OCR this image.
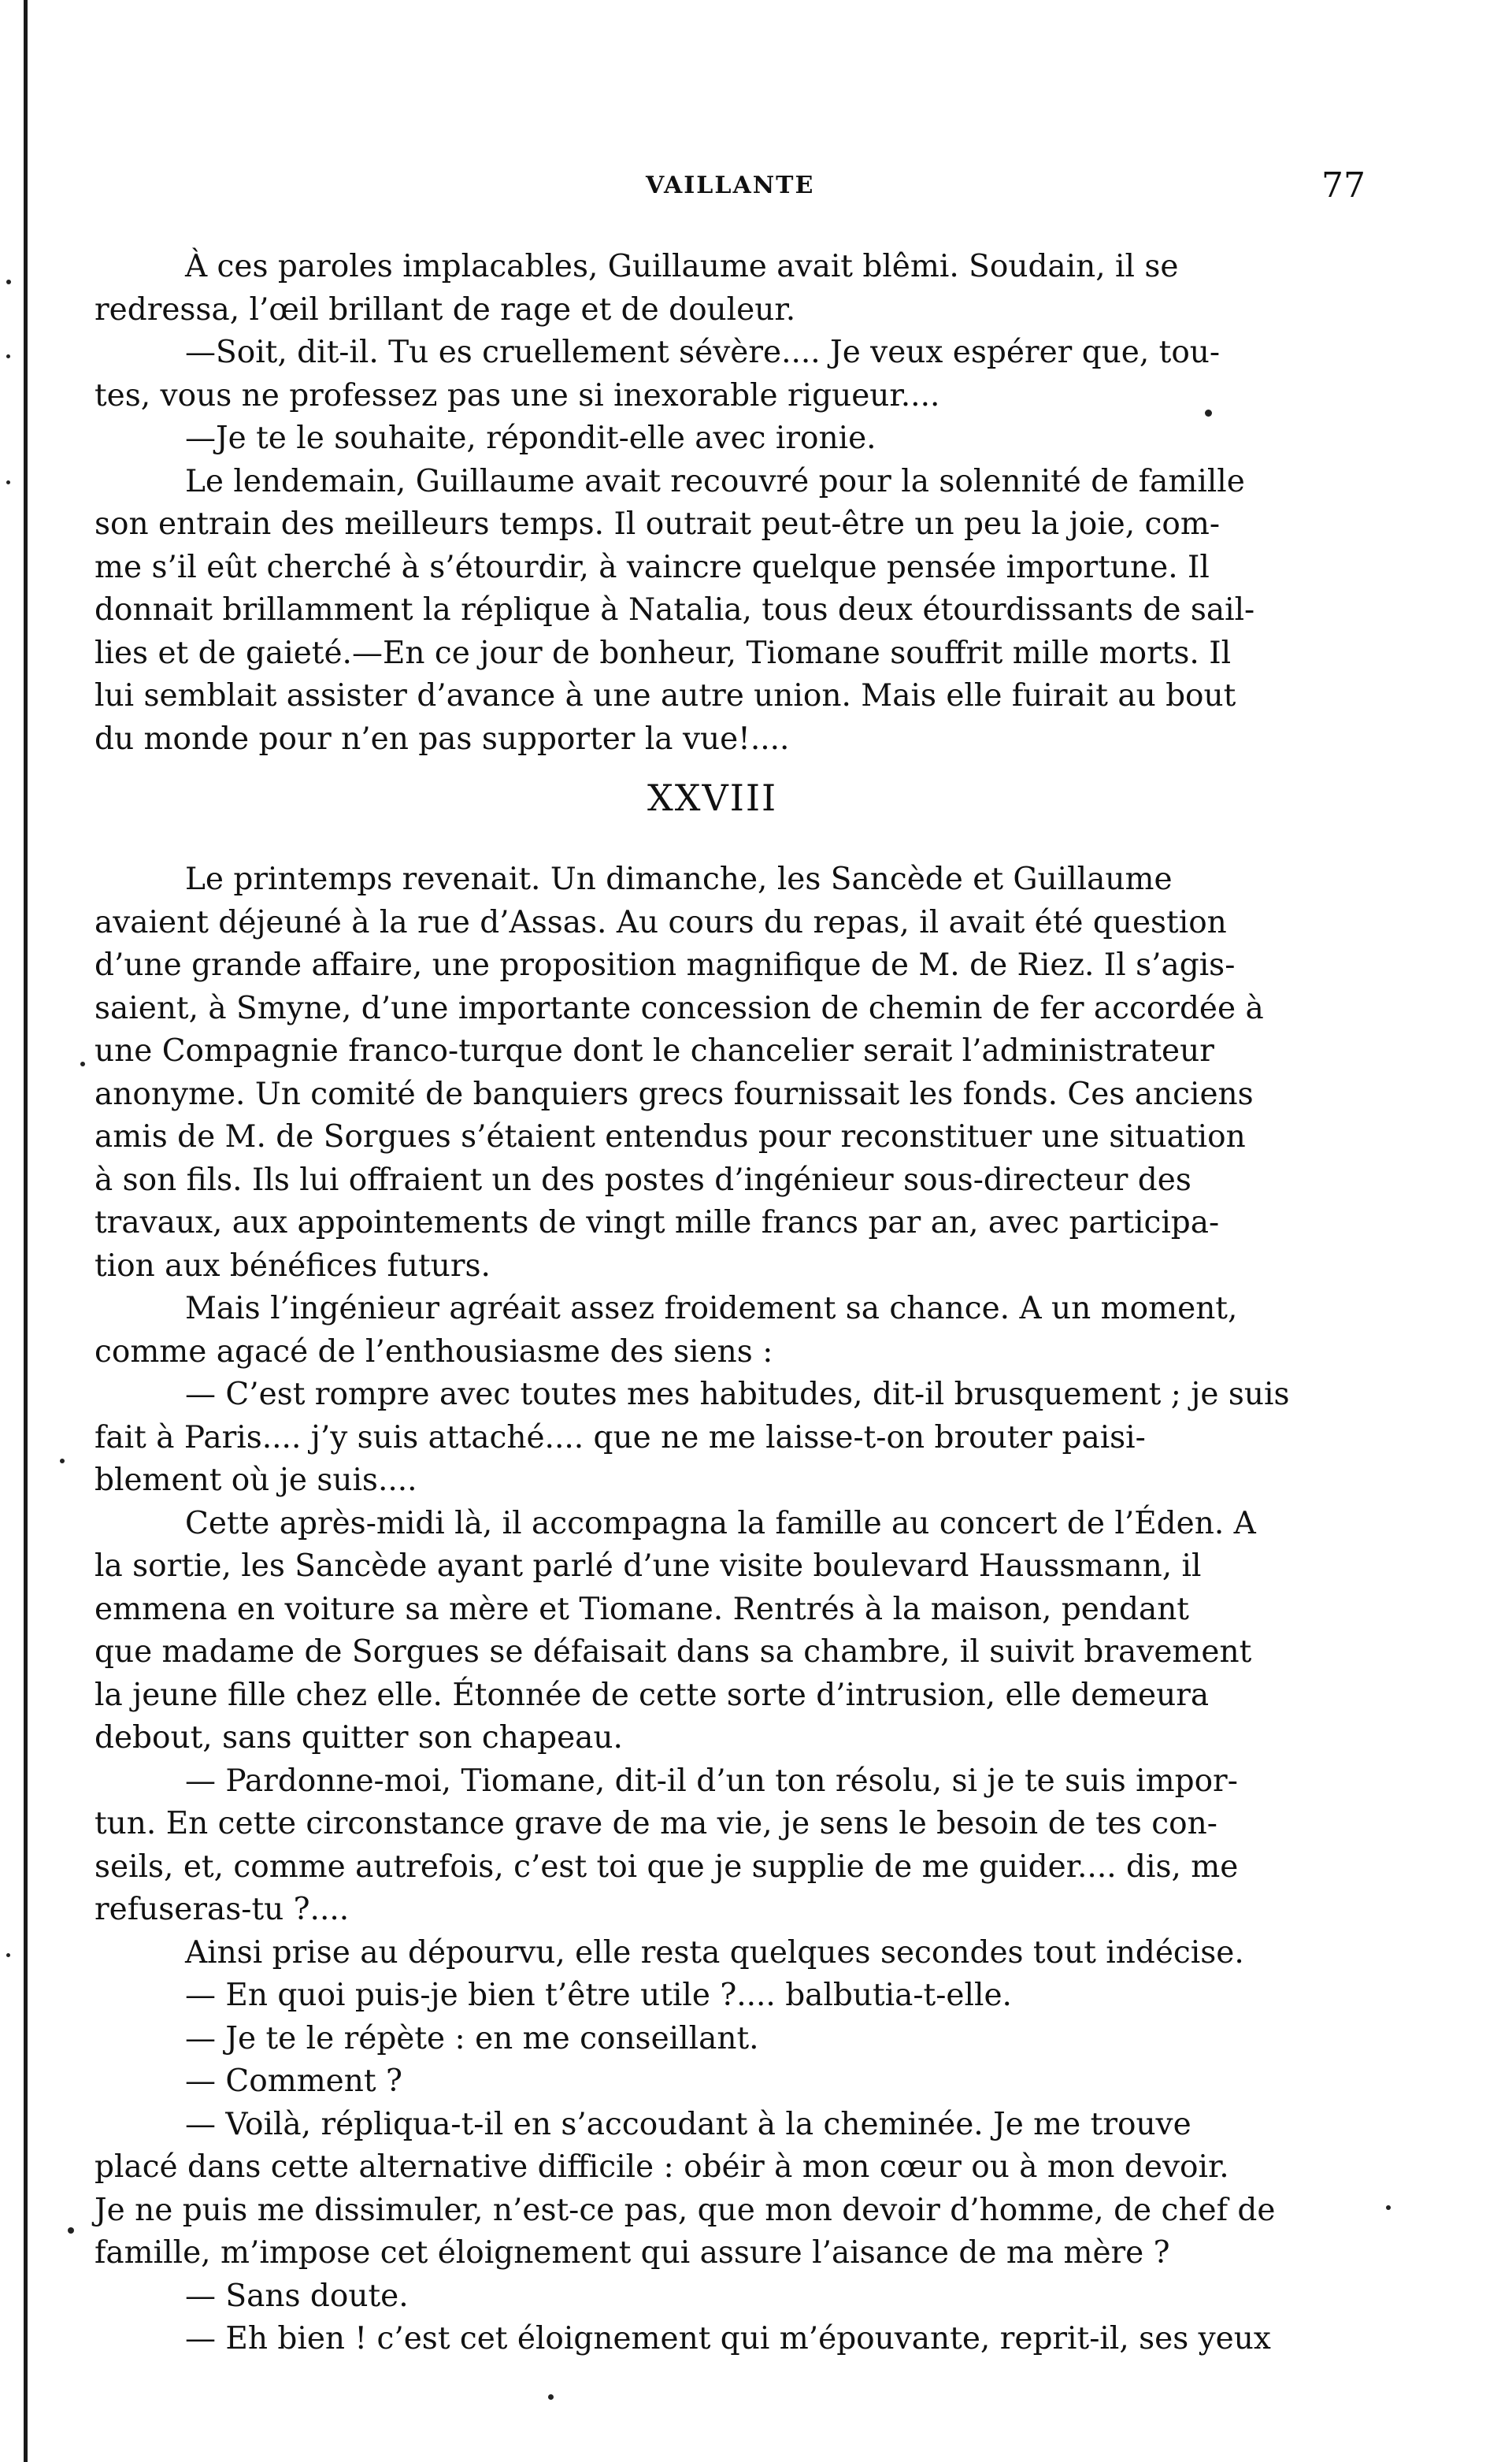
VAILLANTE	77
À ces paroles implacables, Guillaume avait blêmi. Soudain, il se
redressa, l’œil brillant de rage et de douleur.
—Soit, dit-il. Tu es cruellement sévère.... Je veux espérer que, tou-
tes, vous ne professez pas une si inexorable rigueur....
—Je te le souhaite, répondit-elle avec ironie.
Le lendemain, Guillaume avait recouvré pour la solennité de famille
son entrain des meilleurs temps. Il outrait peut-être un peu la joie, com-
me s’il eût cherché à s’étourdir, à vaincre quelque pensée importune. Il
donnait brillamment la réplique à Natalia, tous deux étourdissants de sail-
lies et de gaieté.—En ce jour de bonheur, Tiomane souffrit mille morts. Il
lui semblait assister d’avance à une autre union. Mais elle fuirait au bout
du monde pour n’en pas supporter la vue!....
XXVIII
Le printemps revenait. Un dimanche, les Sancède et Guillaume
avaient déjeuné à la rue d’Assas. Au cours du repas, il avait été question
d’une grande affaire, une proposition magnifique de M. de Riez. Il s’agis-
saient, à Smyne, d’une importante concession de chemin de fer accordée à
une Compagnie franco-turque dont le chancelier serait l’administrateur
anonyme. Un comité de banquiers grecs fournissait les fonds. Ces anciens
amis de M. de Sorgues s’étaient entendus pour reconstituer une situation
à son fils. Ils lui offraient un des postes d’ingénieur sous-directeur des
travaux, aux appointements de vingt mille francs par an, avec participa-
tion aux bénéfices futurs.
Mais l’ingénieur agréait assez froidement sa chance. A un moment,
comme agacé de l’enthousiasme des siens :
— C’est rompre avec toutes mes habitudes, dit-il brusquement ; je suis
fait à Paris.... j’y suis attaché.... que ne me laisse-t-on brouter paisi-
blement où je suis....
Cette après-midi là, il accompagna la famille au concert de l’Éden. A
la sortie, les Sancède ayant parlé d’une visite boulevard Haussmann, il
emmena en voiture sa mère et Tiomane. Rentrés à la maison, pendant
que madame de Sorgues se défaisait dans sa chambre, il suivit bravement
la jeune fille chez elle. Étonnée de cette sorte d’intrusion, elle demeura
debout, sans quitter son chapeau.
— Pardonne-moi, Tiomane, dit-il d’un ton résolu, si je te suis impor-
tun. En cette circonstance grave de ma vie, je sens le besoin de tes con-
seils, et, comme autrefois, c’est toi que je supplie de me guider.... dis, me
refuseras-tu ?....
Ainsi prise au dépourvu, elle resta quelques secondes tout indécise.
— En quoi puis-je bien t’être utile ?.... balbutia-t-elle.
— Je te le répète : en me conseillant.
— Comment ?
— Voilà, répliqua-t-il en s’accoudant à la cheminée. Je me trouve
placé dans cette alternative difficile : obéir à mon cœur ou à mon devoir.
Je ne puis me dissimuler, n’est-ce pas, que mon devoir d’homme, de chef de
famille, m’impose cet éloignement qui assure l’aisance de ma mère ?
— Sans doute.
— Eh bien ! c’est cet éloignement qui m’épouvante, reprit-il, ses yeux
